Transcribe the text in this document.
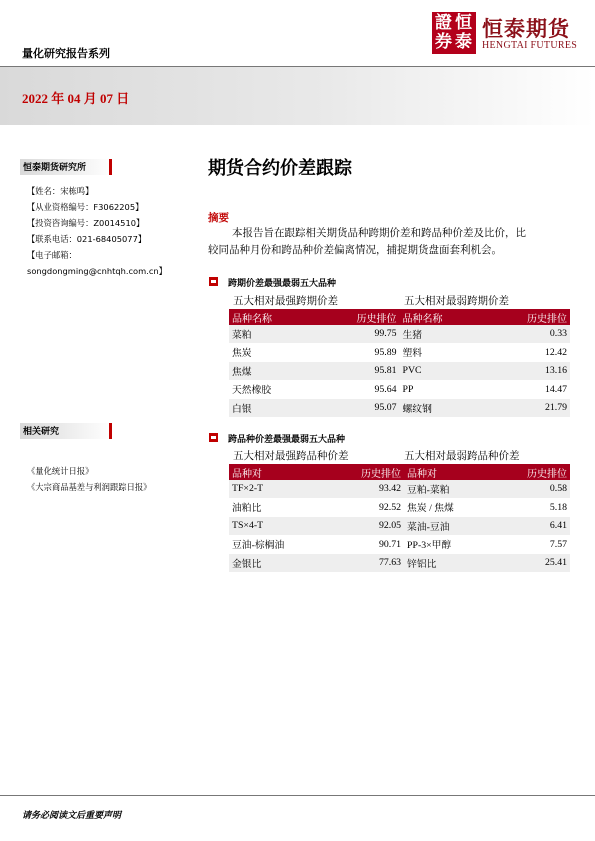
量化研究报告系列
證 恒
券 泰
恒泰期货
HENGTAI FUTURES
2022 年 04 月 07 日
恒泰期货研究所
【姓名：宋栋鸣】
【从业资格编号：F3062205】
【投资咨询编号：Z0014510】
【联系电话：021-68405077】
【电子邮箱：
songdongming@cnhtqh.com.cn】
相关研究
《量化统计日报》
《大宗商品基差与利润跟踪日报》
期货合约价差跟踪
摘要

本报告旨在跟踪相关期货品种跨期价差和跨品种价差及比价，比

较同品种月份和跨品种价差偏离情况，捕捉期货盘面套利机会。

跨期价差最强最弱五大品种
五大相对最强跨期价差	五大相对最弱跨期价差
品种名称	历史排位	品种名称	历史排位
菜粕	99.75	生猪	0.33
焦炭	95.89	塑料	12.42
焦煤	95.81	PVC	13.16
天然橡胶	95.64	PP	14.47
白银	95.07	螺纹钢	21.79
跨品种价差最强最弱五大品种
五大相对最强跨品种价差	五大相对最弱跨品种价差
品种对	历史排位	品种对	历史排位
TF×2-T	93.42	豆粕-菜粕	0.58
油粕比	92.52	焦炭 / 焦煤	5.18
TS×4-T	92.05	菜油-豆油	6.41
豆油-棕榈油	90.71	PP-3×甲醇	7.57
金银比	77.63	锌铝比	25.41
请务必阅读文后重要声明
